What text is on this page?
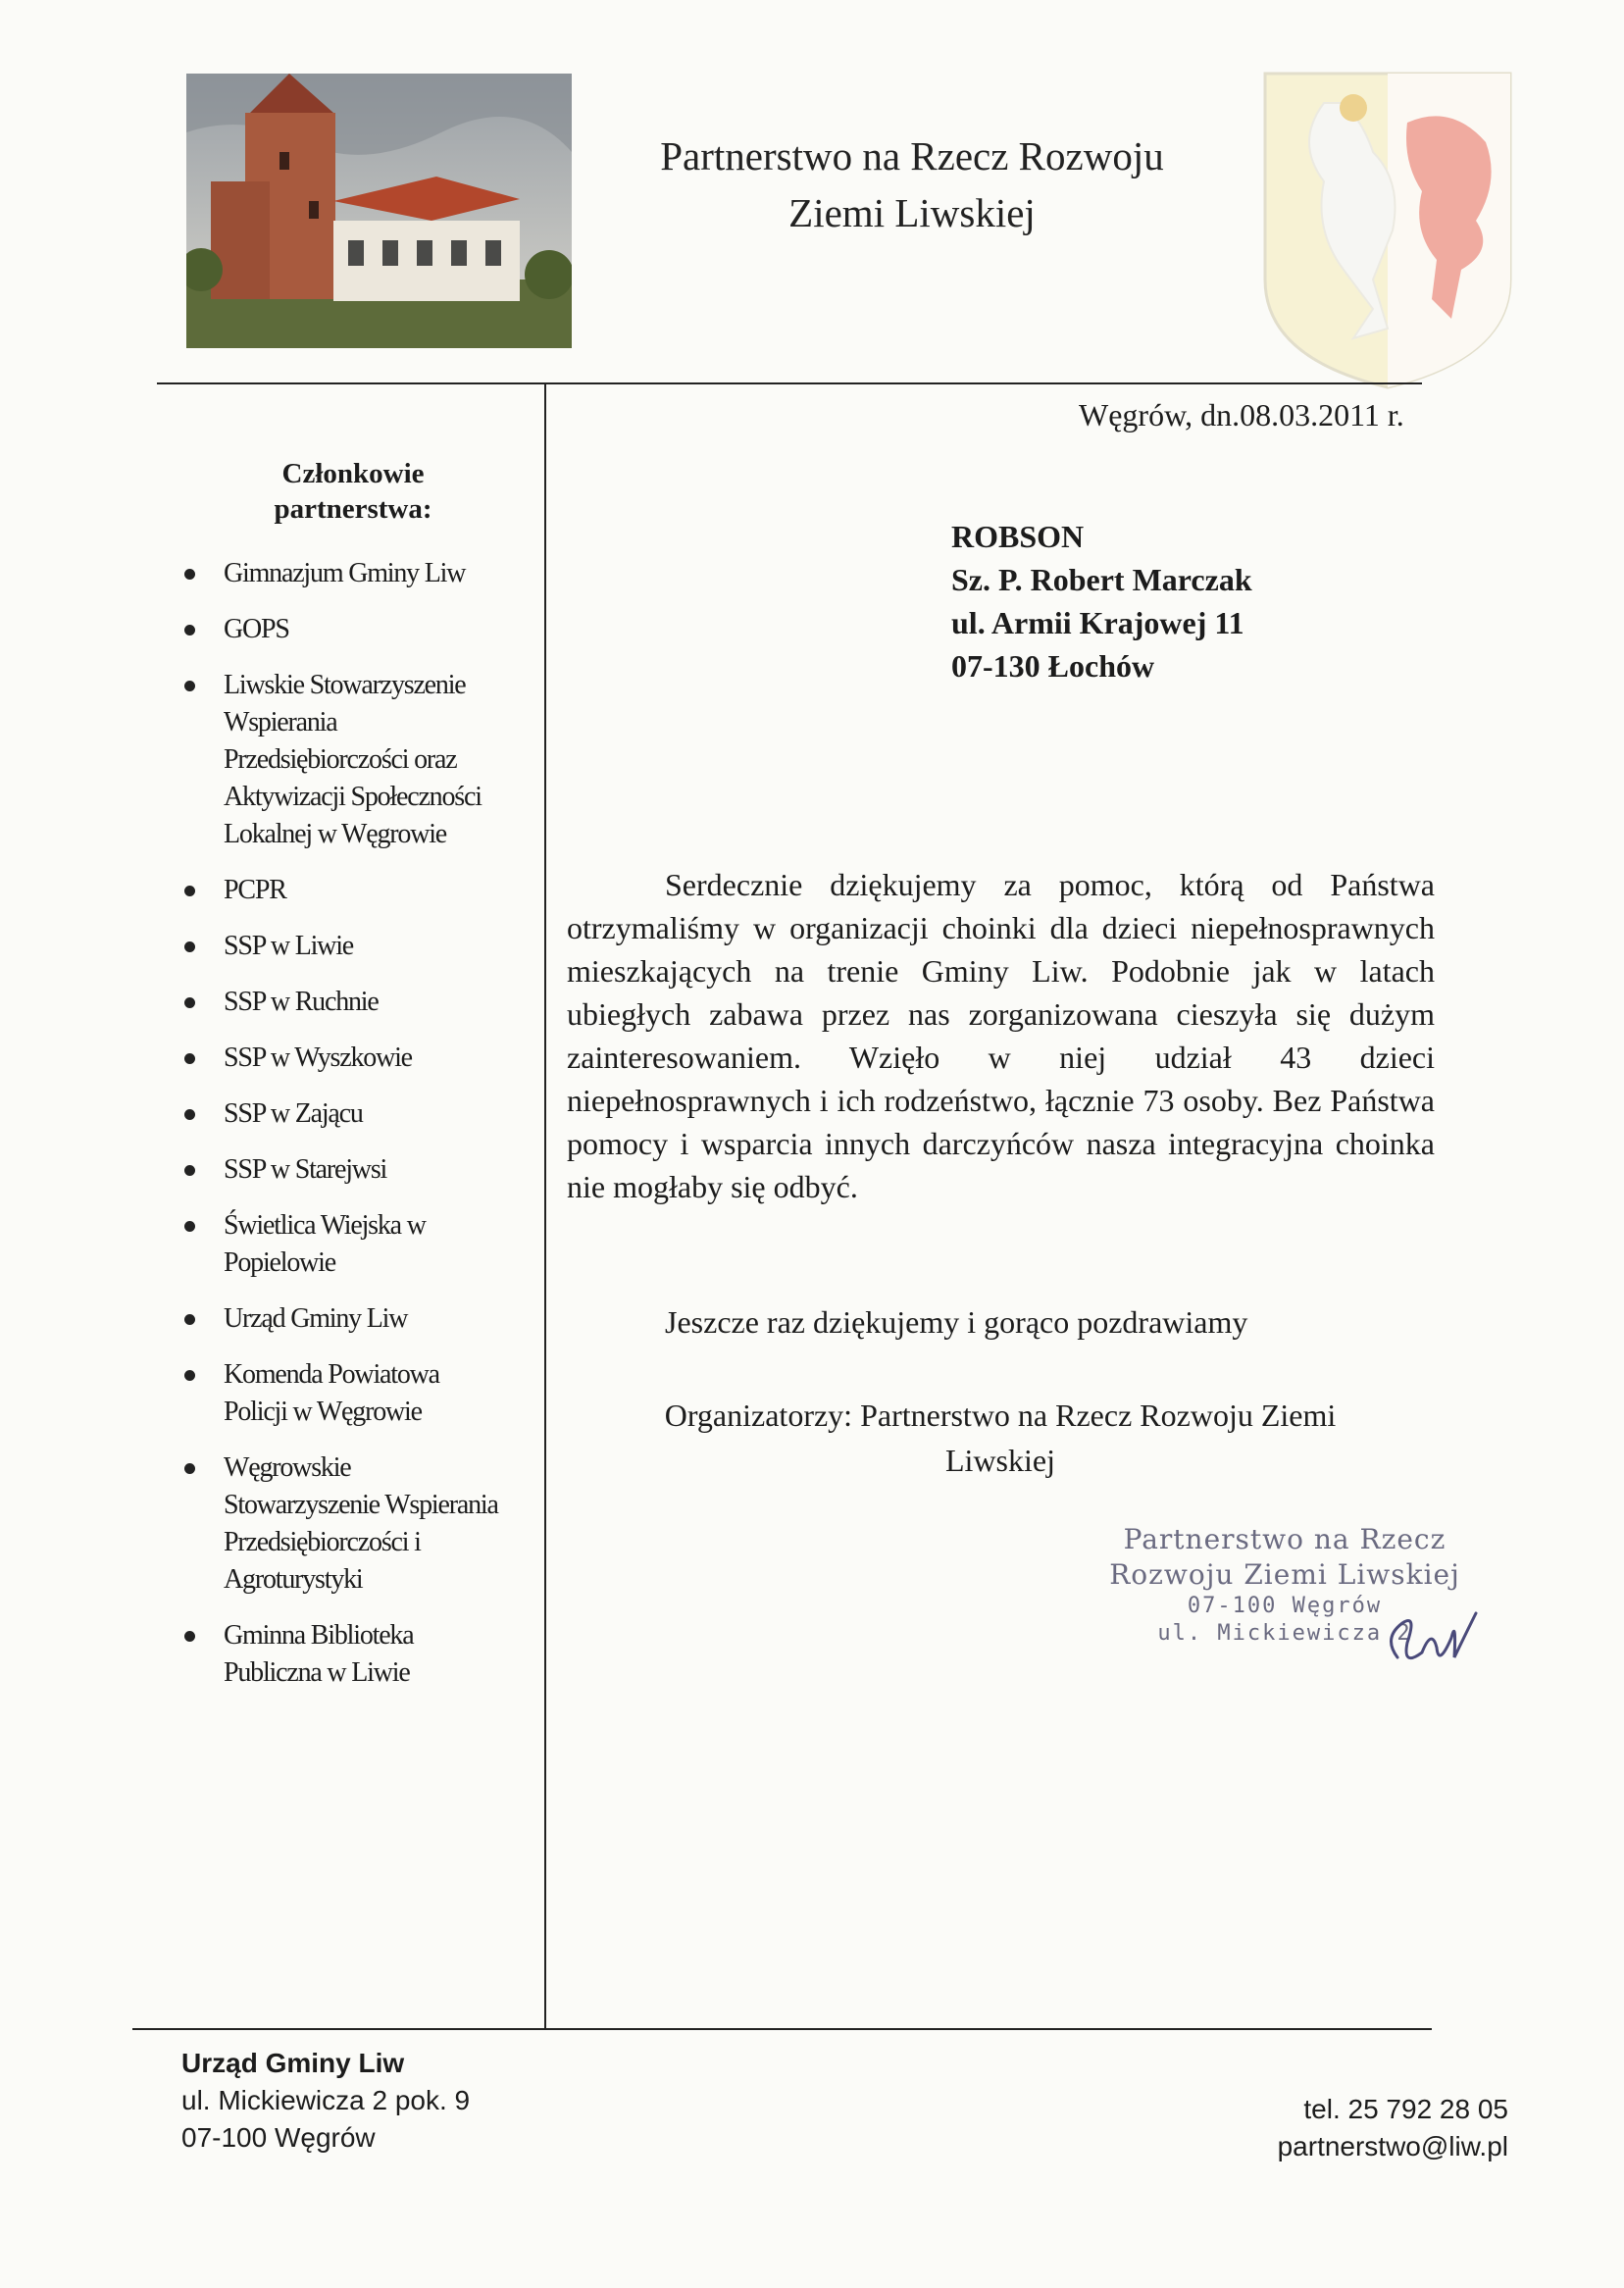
Partnerstwo na Rzecz Rozwoju
Ziemi Liwskiej
Członkowie
partnerstwa:
Gimnazjum Gminy Liw
GOPS
Liwskie Stowarzyszenie
Wspierania
Przedsiębiorczości oraz
Aktywizacji Społeczności
Lokalnej w Węgrowie
PCPR
SSP w Liwie
SSP w Ruchnie
SSP w Wyszkowie
SSP w Zającu
SSP w Starejwsi
Świetlica Wiejska w
Popielowie
Urząd Gminy Liw
Komenda Powiatowa
Policji w Węgrowie
Węgrowskie
Stowarzyszenie Wspierania
Przedsiębiorczości i
Agroturystyki
Gminna Biblioteka
Publiczna w Liwie
Węgrów, dn.08.03.2011 r.
ROBSON
Sz. P. Robert Marczak
ul. Armii Krajowej 11
07-130 Łochów

Serdecznie dziękujemy za pomoc, którą od Państwa otrzymaliśmy w organizacji choinki dla dzieci niepełnosprawnych mieszkających na trenie Gminy Liw. Podobnie jak w latach ubiegłych zabawa przez nas zorganizowana cieszyła się dużym zainteresowaniem. Wzięło w niej udział 43 dzieci niepełnosprawnych i ich rodzeństwo, łącznie 73 osoby. Bez Państwa pomocy i wsparcia innych darczyńców nasza integracyjna choinka nie mogłaby się odbyć.

Jeszcze raz dziękujemy i gorąco pozdrawiamy
Organizatorzy: Partnerstwo na Rzecz Rozwoju Ziemi
Liwskiej
Partnerstwo na Rzecz
Rozwoju Ziemi Liwskiej
07-100 Węgrów
ul. Mickiewicza 2
Urząd Gminy Liw
ul. Mickiewicza 2 pok. 9
07-100 Węgrów
tel. 25 792 28 05
partnerstwo@liw.pl
